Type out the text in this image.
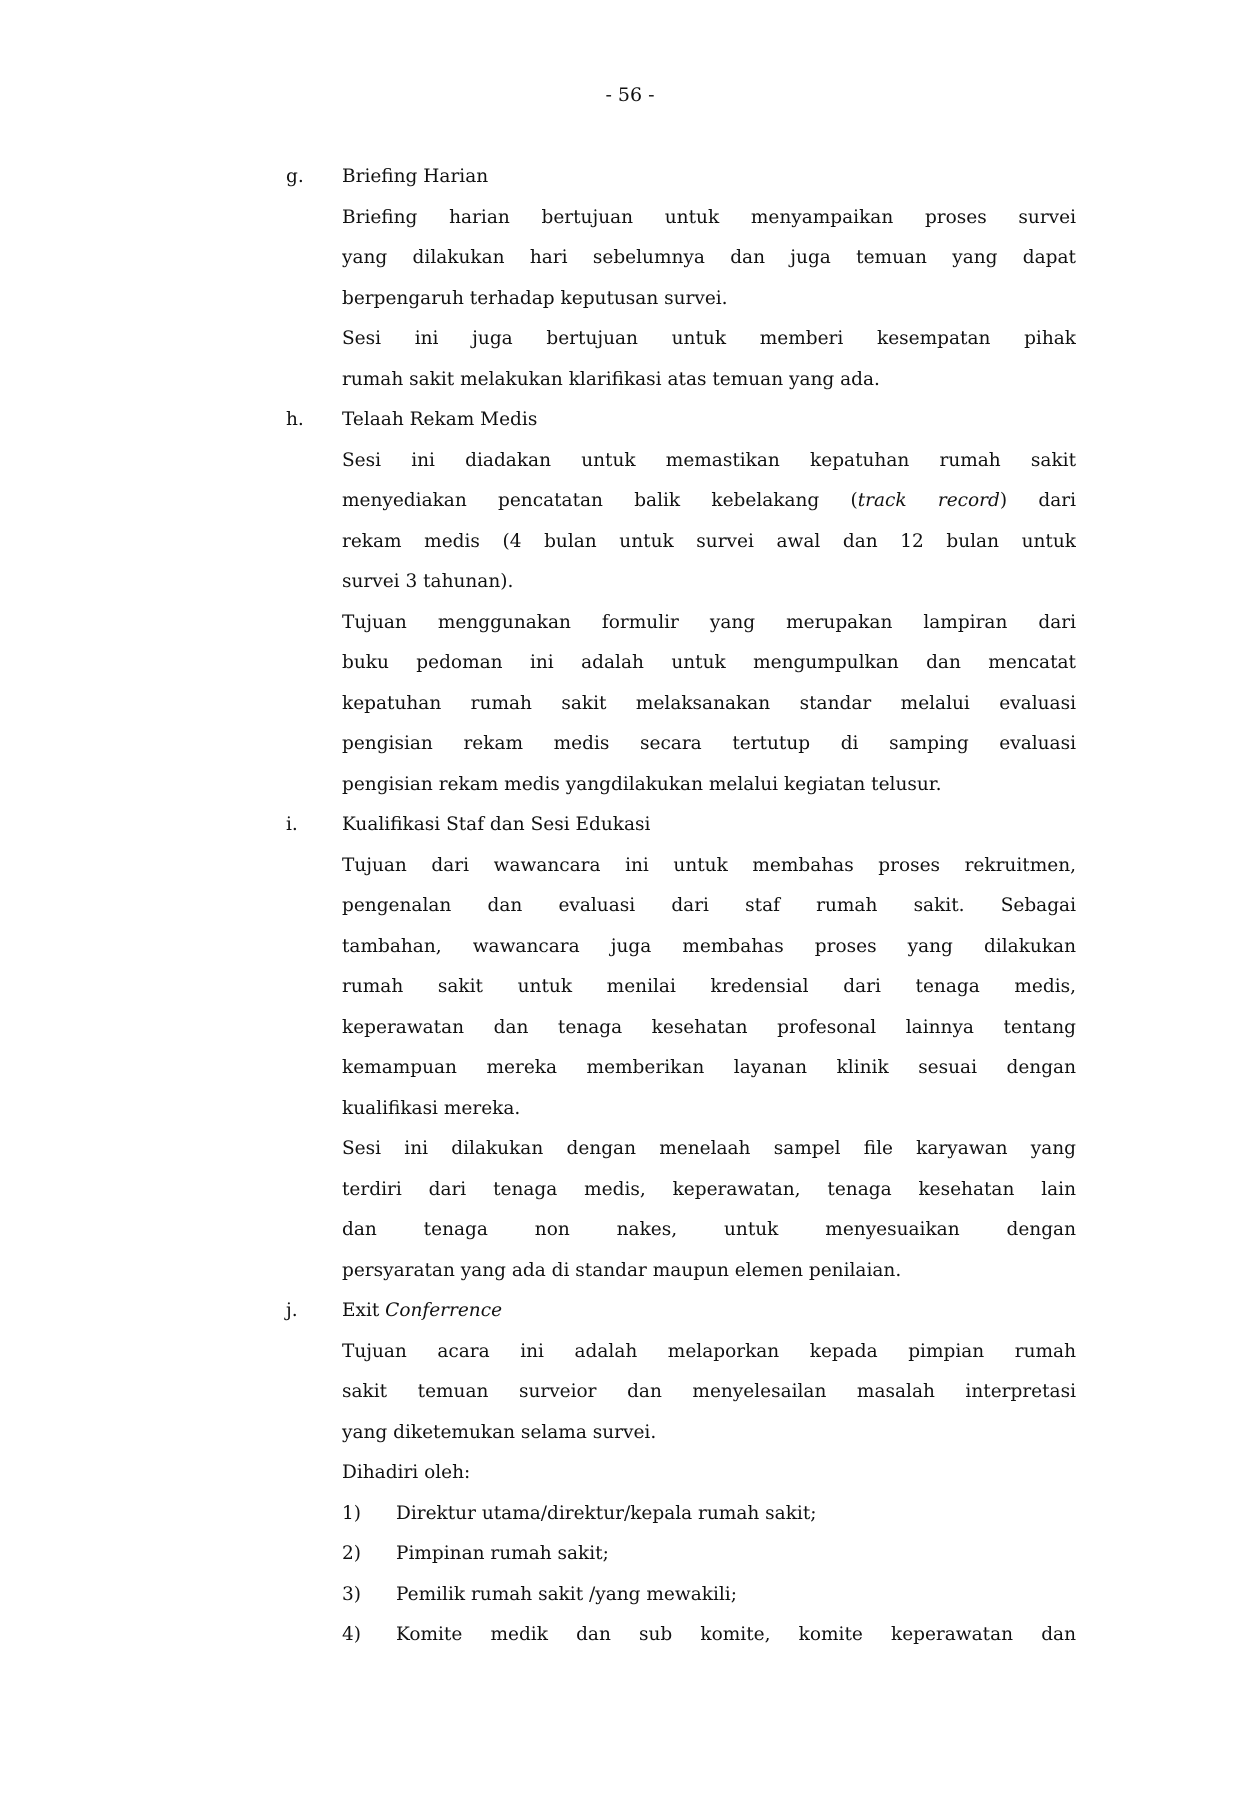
- 56 -
g. Briefing Harian
Briefing harian bertujuan untuk menyampaikan proses survei
yang dilakukan hari sebelumnya dan juga temuan yang dapat
berpengaruh terhadap keputusan survei.
Sesi ini juga bertujuan untuk memberi kesempatan pihak
rumah sakit melakukan klarifikasi atas temuan yang ada.
h. Telaah Rekam Medis
Sesi ini diadakan untuk memastikan kepatuhan rumah sakit
menyediakan pencatatan balik kebelakang (track record) dari
rekam medis (4 bulan untuk survei awal dan 12 bulan untuk
survei 3 tahunan).
Tujuan menggunakan formulir yang merupakan lampiran dari
buku pedoman ini adalah untuk mengumpulkan dan mencatat
kepatuhan rumah sakit melaksanakan standar melalui evaluasi
pengisian rekam medis secara tertutup di samping evaluasi
pengisian rekam medis yangdilakukan melalui kegiatan telusur.
i. Kualifikasi Staf dan Sesi Edukasi
Tujuan dari wawancara ini untuk membahas proses rekruitmen,
pengenalan dan evaluasi dari staf rumah sakit. Sebagai
tambahan, wawancara juga membahas proses yang dilakukan
rumah sakit untuk menilai kredensial dari tenaga medis,
keperawatan dan tenaga kesehatan profesonal lainnya tentang
kemampuan mereka memberikan layanan klinik sesuai dengan
kualifikasi mereka.
Sesi ini dilakukan dengan menelaah sampel file karyawan yang
terdiri dari tenaga medis, keperawatan, tenaga kesehatan lain
dan tenaga non nakes, untuk menyesuaikan dengan
persyaratan yang ada di standar maupun elemen penilaian.
j. Exit Conferrence
Tujuan acara ini adalah melaporkan kepada pimpian rumah
sakit temuan surveior dan menyelesailan masalah interpretasi
yang diketemukan selama survei.
Dihadiri oleh:
1) Direktur utama/direktur/kepala rumah sakit;
2) Pimpinan rumah sakit;
3) Pemilik rumah sakit /yang mewakili;
4) Komite medik dan sub komite, komite keperawatan dan
